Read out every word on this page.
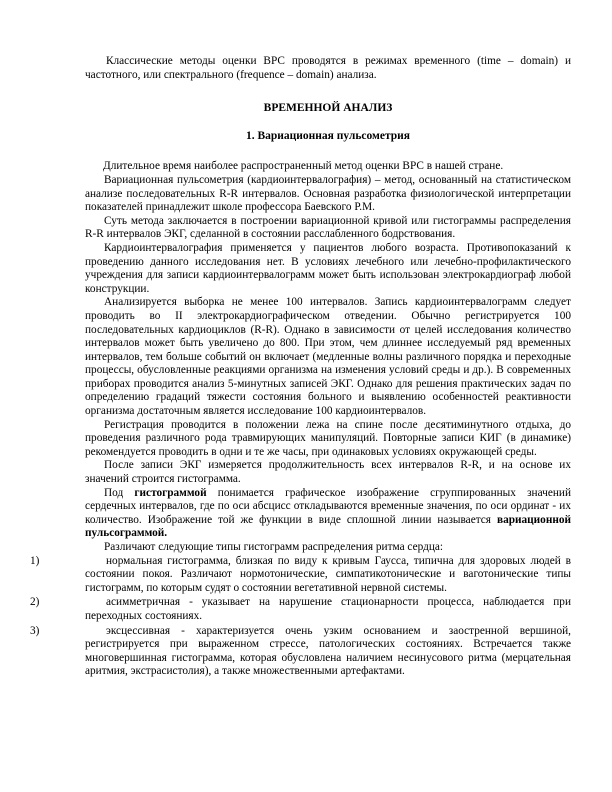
Классические методы оценки ВРС проводятся в режимах временного (time – domain) и частотного, или спектрального (frequence – domain) анализа.

ВРЕМЕННОЙ АНАЛИЗ
1. Вариационная пульсометрия

Длительное время наиболее распространенный метод оценки ВРС в нашей стране.

Вариационная пульсометрия (кардиоинтервалография) – метод, основанный на статистическом анализе последовательных R-R интервалов. Основная разработка физиологической интерпретации показателей принадлежит школе профессора Баевского Р.М.

Суть метода заключается в построении вариационной кривой или гистограммы распределения R-R интервалов ЭКГ, сделанной в состоянии расслабленного бодрствования.

Кардиоинтервалография применяется у пациентов любого возраста. Противопоказаний к проведению данного исследования нет. В условиях лечебного или лечебно-профилактического учреждения для записи кардиоинтервалограмм может быть использован электрокардиограф любой конструкции.

Анализируется выборка не менее 100 интервалов. Запись кардиоинтервалограмм следует проводить во II электрокардиографическом отведении. Обычно регистрируется 100 последовательных кардиоциклов (R-R). Однако в зависимости от целей исследования количество интервалов может быть увеличено до 800. При этом, чем длиннее исследуемый ряд временных интервалов, тем больше событий он включает (медленные волны различного порядка и переходные процессы, обусловленные реакциями организма на изменения условий среды и др.). В современных приборах проводится анализ 5-минутных записей ЭКГ. Однако для решения практических задач по определению градаций тяжести состояния больного и выявлению особенностей реактивности организма достаточным является исследование 100 кардиоинтервалов.

Регистрация проводится в положении лежа на спине после десятиминутного отдыха, до проведения различного рода травмирующих манипуляций. Повторные записи КИГ (в динамике) рекомендуется проводить в одни и те же часы, при одинаковых условиях окружающей среды.

После записи ЭКГ измеряется продолжительность всех интервалов R-R, и на основе их значений строится гистограмма.

Под гистограммой понимается графическое изображение сгруппированных значений сердечных интервалов, где по оси абсцисс откладываются временные значения, по оси ординат - их количество. Изображение той же функции в виде сплошной линии называется вариационной пульсограммой.

Различают следующие типы гистограмм распределения ритма сердца:

1)	нормальная гистограмма, близкая по виду к кривым Гаусса, типична для здоровых людей в состоянии покоя. Различают нормотонические, симпатикотонические и ваготонические типы гистограмм, по которым судят о состоянии вегетативной нервной системы.

2)	асимметричная - указывает на нарушение стационарности процесса, наблюдается при переходных состояниях.

3)	эксцессивная - характеризуется очень узким основанием и заостренной вершиной, регистрируется при выраженном стрессе, патологических состояниях. Встречается также многовершинная гистограмма, которая обусловлена наличием несинусового ритма (мерцательная аритмия, экстрасистолия), а также множественными артефактами.
